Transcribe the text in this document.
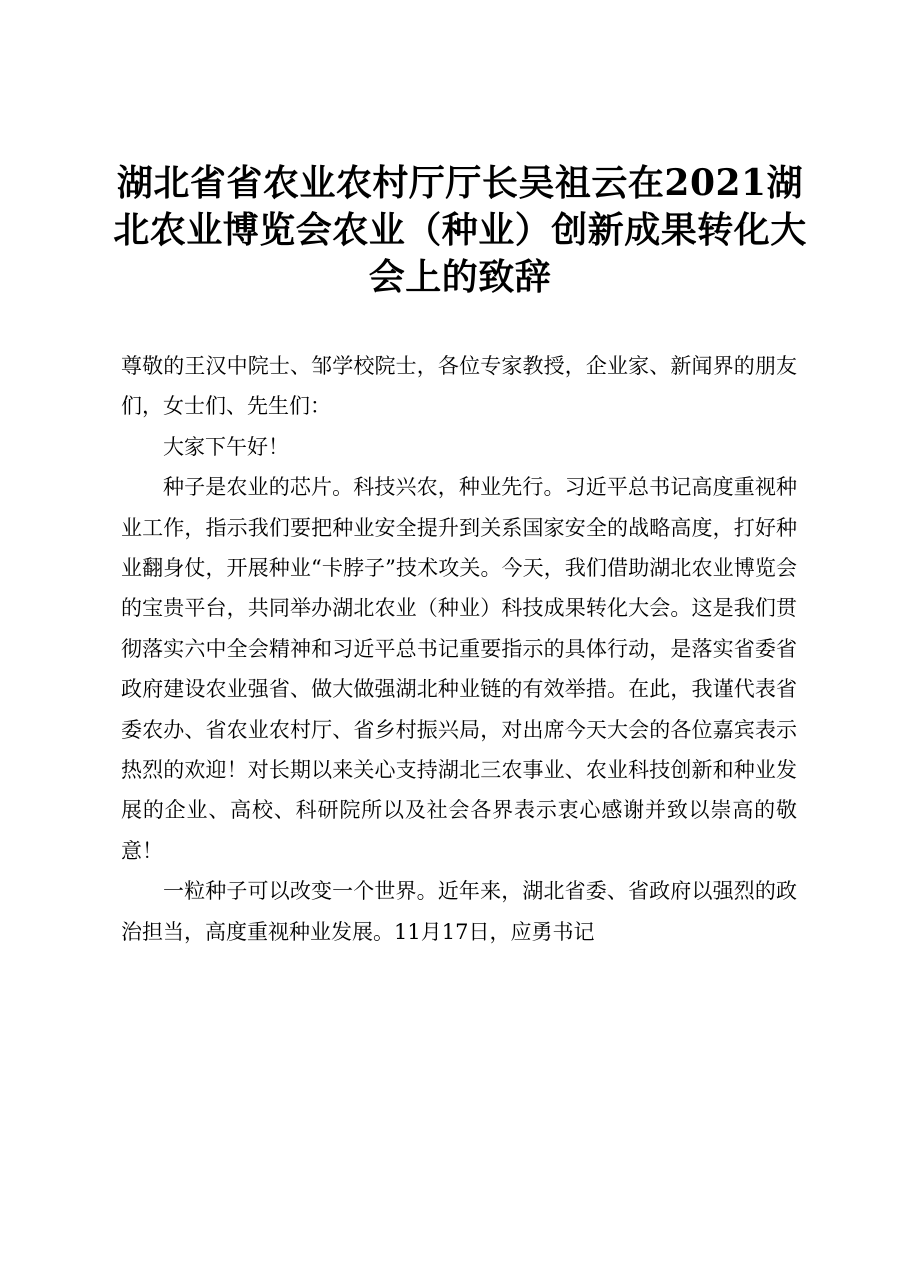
湖北省省农业农村厅厅长吴祖云在2021湖北农业博览会农业（种业）创新成果转化大会上的致辞

尊敬的王汉中院士、邹学校院士，各位专家教授，企业家、新闻界的朋友们，女士们、先生们：

大家下午好！

种子是农业的芯片。科技兴农，种业先行。习近平总书记高度重视种业工作，指示我们要把种业安全提升到关系国家安全的战略高度，打好种业翻身仗，开展种业“卡脖子”技术攻关。今天，我们借助湖北农业博览会的宝贵平台，共同举办湖北农业（种业）科技成果转化大会。这是我们贯彻落实六中全会精神和习近平总书记重要指示的具体行动，是落实省委省政府建设农业强省、做大做强湖北种业链的有效举措。在此，我谨代表省委农办、省农业农村厅、省乡村振兴局，对出席今天大会的各位嘉宾表示热烈的欢迎！对长期以来关心支持湖北三农事业、农业科技创新和种业发展的企业、高校、科研院所以及社会各界表示衷心感谢并致以崇高的敬意！

一粒种子可以改变一个世界。近年来，湖北省委、省政府以强烈的政治担当，高度重视种业发展。11月17日，应勇书记
